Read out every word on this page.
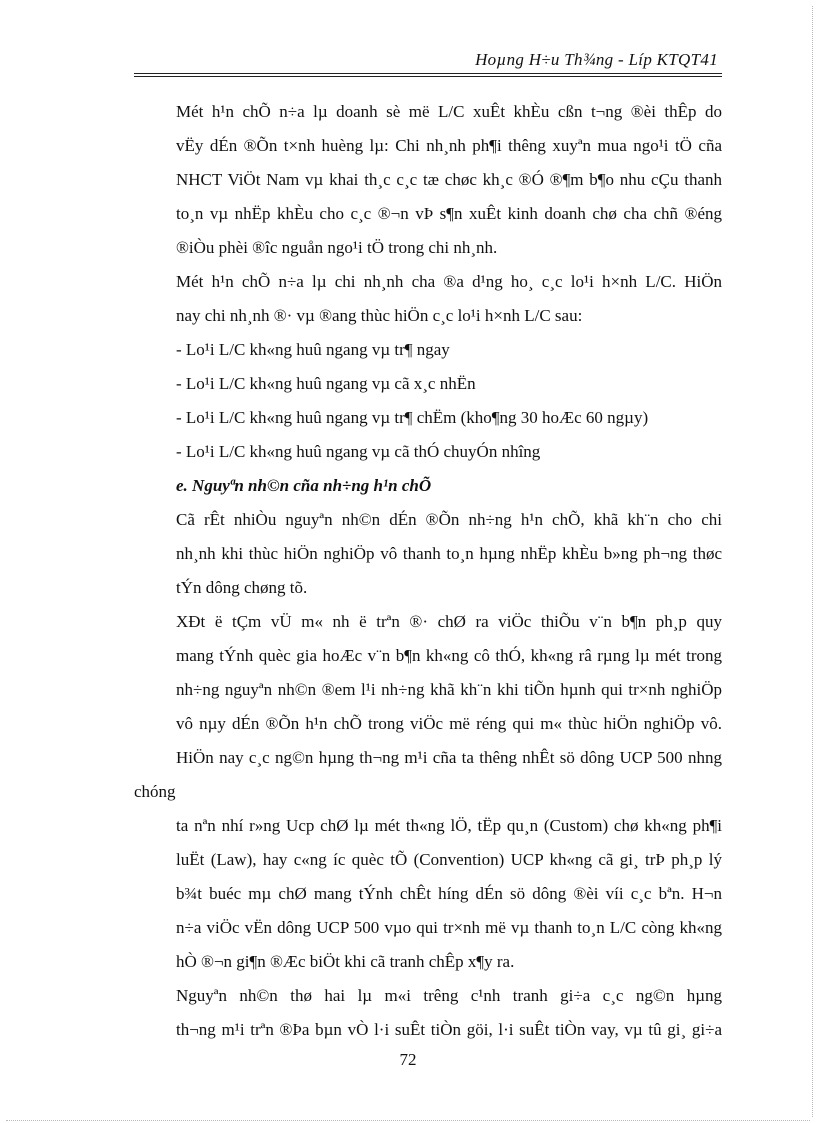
Hoµng H÷u Th¾ng - Líp KTQT41

Mét h¹n chÕ n÷a lµ doanh sè më L/C xuÊt khÈu cßn t¬ng ®èi thÊp do
vËy dÉn ®Õn t×nh huèng lµ: Chi nh¸nh ph¶i thêng xuyªn mua ngo¹i tÖ cña
NHCT ViÖt Nam vµ khai th¸c c¸c tæ chøc kh¸c ®Ó ®¶m b¶o nhu cÇu thanh
to¸n vµ nhËp khÈu cho c¸c ®¬n vÞ s¶n xuÊt kinh doanh chø cha chñ ®éng
®iÒu phèi ®îc nguån ngo¹i tÖ trong chi nh¸nh.

Mét h¹n chÕ n÷a lµ chi nh¸nh cha ®a d¹ng ho¸ c¸c lo¹i h×nh L/C. HiÖn
nay chi nh¸nh ®· vµ ®ang thùc hiÖn c¸c lo¹i h×nh L/C sau:

- Lo¹i L/C kh«ng huû ngang vµ tr¶ ngay

- Lo¹i L/C kh«ng huû ngang vµ cã x¸c nhËn

- Lo¹i L/C kh«ng huû ngang vµ tr¶ chËm (kho¶ng 30 hoÆc 60 ngµy)

- Lo¹i L/C kh«ng huû ngang vµ cã thÓ chuyÓn nhîng

e. Nguyªn nh©n cña nh÷ng h¹n chÕ

Cã rÊt nhiÒu nguyªn nh©n dÉn ®Õn nh÷ng h¹n chÕ, khã kh¨n cho chi
nh¸nh khi thùc hiÖn nghiÖp vô thanh to¸n hµng nhËp khÈu b»ng ph¬ng thøc
tÝn dông chøng tõ.

XÐt ë tÇm vÜ m« nh ë trªn ®· chØ ra viÖc thiÕu v¨n b¶n ph¸p quy
mang tÝnh quèc gia hoÆc v¨n b¶n kh«ng cô thÓ, kh«ng râ rµng lµ mét trong
nh÷ng nguyªn nh©n ®em l¹i nh÷ng khã kh¨n khi tiÕn hµnh qui tr×nh nghiÖp
vô nµy dÉn ®Õn h¹n chÕ trong viÖc më réng qui m« thùc hiÖn nghiÖp vô.
HiÖn nay c¸c ng©n hµng th¬ng m¹i cña ta thêng nhÊt sö dông UCP 500 nhng chóng
ta nªn nhí r»ng Ucp chØ lµ mét th«ng lÖ, tËp qu¸n (Custom) chø kh«ng ph¶i
luËt (Law), hay c«ng íc quèc tÕ (Convention) UCP kh«ng cã gi¸ trÞ ph¸p lý
b¾t buéc mµ chØ mang tÝnh chÊt híng dÉn sö dông ®èi víi c¸c bªn. H¬n
n÷a viÖc vËn dông UCP 500 vµo qui tr×nh më vµ thanh to¸n L/C còng kh«ng
hÒ ®¬n gi¶n ®Æc biÖt khi cã tranh chÊp x¶y ra.

Nguyªn nh©n thø hai lµ m«i trêng c¹nh tranh gi÷a c¸c ng©n hµng
th¬ng m¹i trªn ®Þa bµn vÒ l·i suÊt tiÒn göi, l·i suÊt tiÒn vay, vµ tû gi¸ gi÷a

72
